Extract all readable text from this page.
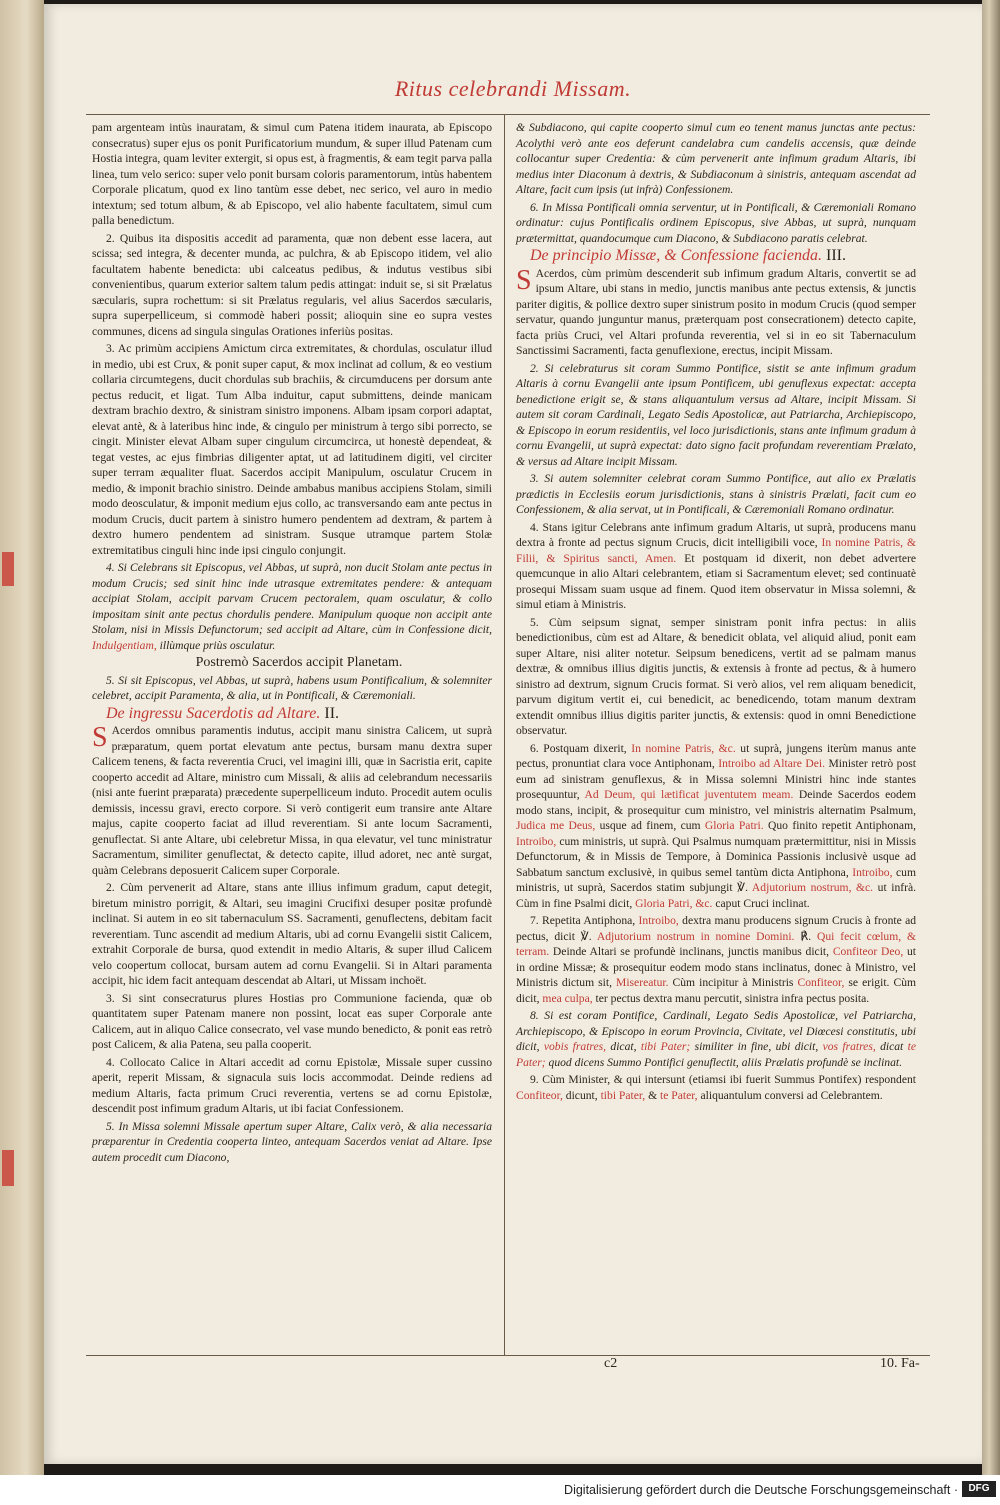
Ritus celebrandi Missam.

pam argenteam intùs inauratam, & simul cum Patena itidem inaurata, ab Episcopo consecratus) super ejus os ponit Purificatorium mundum, & super illud Patenam cum Hostia integra, quam leviter extergit, si opus est, à fragmentis, & eam tegit parva palla linea, tum velo serico: super velo ponit bursam coloris paramentorum, intùs habentem Corporale plicatum, quod ex lino tantùm esse debet, nec serico, vel auro in medio intextum; sed totum album, & ab Episcopo, vel alio habente facultatem, simul cum palla benedictum.

2. Quibus ita dispositis accedit ad paramenta, quæ non debent esse lacera, aut scissa; sed integra, & decenter munda, ac pulchra, & ab Episcopo itidem, vel alio facultatem habente benedicta: ubi calceatus pedibus, & indutus vestibus sibi convenientibus, quarum exterior saltem talum pedis attingat: induit se, si sit Prælatus sæcularis, supra rochettum: si sit Prælatus regularis, vel alius Sacerdos sæcularis, supra superpelliceum, si commodè haberi possit; alioquin sine eo supra vestes communes, dicens ad singula singulas Orationes inferiùs positas.

3. Ac primùm accipiens Amictum circa extremitates, & chordulas, osculatur illud in medio, ubi est Crux, & ponit super caput, & mox inclinat ad collum, & eo vestium collaria circumtegens, ducit chordulas sub brachiis, & circumducens per dorsum ante pectus reducit, et ligat. Tum Alba induitur, caput submittens, deinde manicam dextram brachio dextro, & sinistram sinistro imponens. Albam ipsam corpori adaptat, elevat antè, & à lateribus hinc inde, & cingulo per ministrum à tergo sibi porrecto, se cingit. Minister elevat Albam super cingulum circumcirca, ut honestè dependeat, & tegat vestes, ac ejus fimbrias diligenter aptat, ut ad latitudinem digiti, vel circiter super terram æqualiter fluat. Sacerdos accipit Manipulum, osculatur Crucem in medio, & imponit brachio sinistro. Deinde ambabus manibus accipiens Stolam, simili modo deosculatur, & imponit medium ejus collo, ac transversando eam ante pectus in modum Crucis, ducit partem à sinistro humero pendentem ad dextram, & partem à dextro humero pendentem ad sinistram. Susque utramque partem Stolæ extremitatibus cinguli hinc inde ipsi cingulo conjungit.

4. Si Celebrans sit Episcopus, vel Abbas, ut suprà, non ducit Stolam ante pectus in modum Crucis; sed sinit hinc inde utrasque extremitates pendere: & antequam accipiat Stolam, accipit parvam Crucem pectoralem, quam osculatur, & collo impositam sinit ante pectus chordulis pendere. Manipulum quoque non accipit ante Stolam, nisi in Missis Defunctorum; sed accipit ad Altare, cùm in Confessione dicit, Indulgentiam, illùmque priùs osculatur.

Postremò Sacerdos accipit Planetam.

5. Si sit Episcopus, vel Abbas, ut suprà, habens usum Pontificalium, & solemniter celebret, accipit Paramenta, & alia, ut in Pontificali, & Cæremoniali.

De ingressu Sacerdotis ad Altare. II.

S Acerdos omnibus paramentis indutus, accipit manu sinistra Calicem, ut suprà præparatum, quem portat elevatum ante pectus, bursam manu dextra super Calicem tenens, & facta reverentia Cruci, vel imagini illi, quæ in Sacristia erit, capite cooperto accedit ad Altare, ministro cum Missali, & aliis ad celebrandum necessariis (nisi ante fuerint præparata) præcedente superpelliceum induto. Procedit autem oculis demissis, incessu gravi, erecto corpore. Si verò contigerit eum transire ante Altare majus, capite cooperto faciat ad illud reverentiam. Si ante locum Sacramenti, genuflectat. Si ante Altare, ubi celebretur Missa, in qua elevatur, vel tunc ministratur Sacramentum, similiter genuflectat, & detecto capite, illud adoret, nec antè surgat, quàm Celebrans deposuerit Calicem super Corporale.

2. Cùm pervenerit ad Altare, stans ante illius infimum gradum, caput detegit, biretum ministro porrigit, & Altari, seu imagini Crucifixi desuper positæ profundè inclinat. Si autem in eo sit tabernaculum SS. Sacramenti, genuflectens, debitam facit reverentiam. Tunc ascendit ad medium Altaris, ubi ad cornu Evangelii sistit Calicem, extrahit Corporale de bursa, quod extendit in medio Altaris, & super illud Calicem velo coopertum collocat, bursam autem ad cornu Evangelii. Si in Altari paramenta accipit, hic idem facit antequam descendat ab Altari, ut Missam inchoët.

3. Si sint consecraturus plures Hostias pro Communione facienda, quæ ob quantitatem super Patenam manere non possint, locat eas super Corporale ante Calicem, aut in aliquo Calice consecrato, vel vase mundo benedicto, & ponit eas retrò post Calicem, & alia Patena, seu palla cooperit.

4. Collocato Calice in Altari accedit ad cornu Epistolæ, Missale super cussino aperit, reperit Missam, & signacula suis locis accommodat. Deinde rediens ad medium Altaris, facta primum Cruci reverentia, vertens se ad cornu Epistolæ, descendit post infimum gradum Altaris, ut ibi faciat Confessionem.

5. In Missa solemni Missale apertum super Altare, Calix verò, & alia necessaria præparentur in Credentia cooperta linteo, antequam Sacerdos veniat ad Altare. Ipse autem procedit cum Diacono,

& Subdiacono, qui capite cooperto simul cum eo tenent manus junctas ante pectus: Acolythi verò ante eos deferunt candelabra cum candelis accensis, quæ deinde collocantur super Credentia: & cùm pervenerit ante infimum gradum Altaris, ibi medius inter Diaconum à dextris, & Subdiaconum à sinistris, antequam ascendat ad Altare, facit cum ipsis (ut infrà) Confessionem.

6. In Missa Pontificali omnia serventur, ut in Pontificali, & Cæremoniali Romano ordinatur: cujus Pontificalis ordinem Episcopus, sive Abbas, ut suprà, nunquam prætermittat, quandocumque cum Diacono, & Subdiacono paratis celebrat.

De principio Missæ, & Confessione facienda. III.

S Acerdos, cùm primùm descenderit sub infimum gradum Altaris, convertit se ad ipsum Altare, ubi stans in medio, junctis manibus ante pectus extensis, & junctis pariter digitis, & pollice dextro super sinistrum posito in modum Crucis (quod semper servatur, quando junguntur manus, præterquam post consecrationem) detecto capite, facta priùs Cruci, vel Altari profunda reverentia, vel si in eo sit Tabernaculum Sanctissimi Sacramenti, facta genuflexione, erectus, incipit Missam.

2. Si celebraturus sit coram Summo Pontifice, sistit se ante infimum gradum Altaris à cornu Evangelii ante ipsum Pontificem, ubi genuflexus expectat: accepta benedictione erigit se, & stans aliquantulum versus ad Altare, incipit Missam. Si autem sit coram Cardinali, Legato Sedis Apostolicæ, aut Patriarcha, Archiepiscopo, & Episcopo in eorum residentiis, vel loco jurisdictionis, stans ante infimum gradum à cornu Evangelii, ut suprà expectat: dato signo facit profundam reverentiam Prælato, & versus ad Altare incipit Missam.

3. Si autem solemniter celebrat coram Summo Pontifice, aut alio ex Prælatis prædictis in Ecclesiis eorum jurisdictionis, stans à sinistris Prælati, facit cum eo Confessionem, & alia servat, ut in Pontificali, & Cæremoniali Romano ordinatur.

4. Stans igitur Celebrans ante infimum gradum Altaris, ut suprà, producens manu dextra à fronte ad pectus signum Crucis, dicit intelligibili voce, In nomine Patris, & Filii, & Spiritus sancti, Amen. Et postquam id dixerit, non debet advertere quemcunque in alio Altari celebrantem, etiam si Sacramentum elevet; sed continuatè prosequi Missam suam usque ad finem. Quod item observatur in Missa solemni, & simul etiam à Ministris.

5. Cùm seipsum signat, semper sinistram ponit infra pectus: in aliis benedictionibus, cùm est ad Altare, & benedicit oblata, vel aliquid aliud, ponit eam super Altare, nisi aliter notetur. Seipsum benedicens, vertit ad se palmam manus dextræ, & omnibus illius digitis junctis, & extensis à fronte ad pectus, & à humero sinistro ad dextrum, signum Crucis format. Si verò alios, vel rem aliquam benedicit, parvum digitum vertit ei, cui benedicit, ac benedicendo, totam manum dextram extendit omnibus illius digitis pariter junctis, & extensis: quod in omni Benedictione observatur.

6. Postquam dixerit, In nomine Patris, &c. ut suprà, jungens iterùm manus ante pectus, pronuntiat clara voce Antiphonam, Introibo ad Altare Dei. Minister retrò post eum ad sinistram genuflexus, & in Missa solemni Ministri hinc inde stantes prosequuntur, Ad Deum, qui lætificat juventutem meam. Deinde Sacerdos eodem modo stans, incipit, & prosequitur cum ministro, vel ministris alternatim Psalmum, Judica me Deus, usque ad finem, cum Gloria Patri. Quo finito repetit Antiphonam, Introibo, cum ministris, ut suprà. Qui Psalmus numquam prætermittitur, nisi in Missis Defunctorum, & in Missis de Tempore, à Dominica Passionis inclusivè usque ad Sabbatum sanctum exclusivè, in quibus semel tantùm dicta Antiphona, Introibo, cum ministris, ut suprà, Sacerdos statim subjungit ℣. Adjutorium nostrum, &c. ut infrà. Cùm in fine Psalmi dicit, Gloria Patri, &c. caput Cruci inclinat.

7. Repetita Antiphona, Introibo, dextra manu producens signum Crucis à fronte ad pectus, dicit ℣. Adjutorium nostrum in nomine Domini. ℟. Qui fecit cœlum, & terram. Deinde Altari se profundè inclinans, junctis manibus dicit, Confiteor Deo, ut in ordine Missæ; & prosequitur eodem modo stans inclinatus, donec à Ministro, vel Ministris dictum sit, Misereatur. Cùm incipitur à Ministris Confiteor, se erigit. Cùm dicit, mea culpa, ter pectus dextra manu percutit, sinistra infra pectus posita.

8. Si est coram Pontifice, Cardinali, Legato Sedis Apostolicæ, vel Patriarcha, Archiepiscopo, & Episcopo in eorum Provincia, Civitate, vel Diœcesi constitutis, ubi dicit, vobis fratres, dicat, tibi Pater; similiter in fine, ubi dicit, vos fratres, dicat te Pater; quod dicens Summo Pontifici genuflectit, aliis Prælatis profundè se inclinat.

9. Cùm Minister, & qui intersunt (etiamsi ibi fuerit Summus Pontifex) respondent Confiteor, dicunt, tibi Pater, & te Pater, aliquantulum conversi ad Celebrantem.

c2	10. Fa-
Digitalisierung gefördert durch die Deutsche Forschungsgemeinschaft ·	DFG
